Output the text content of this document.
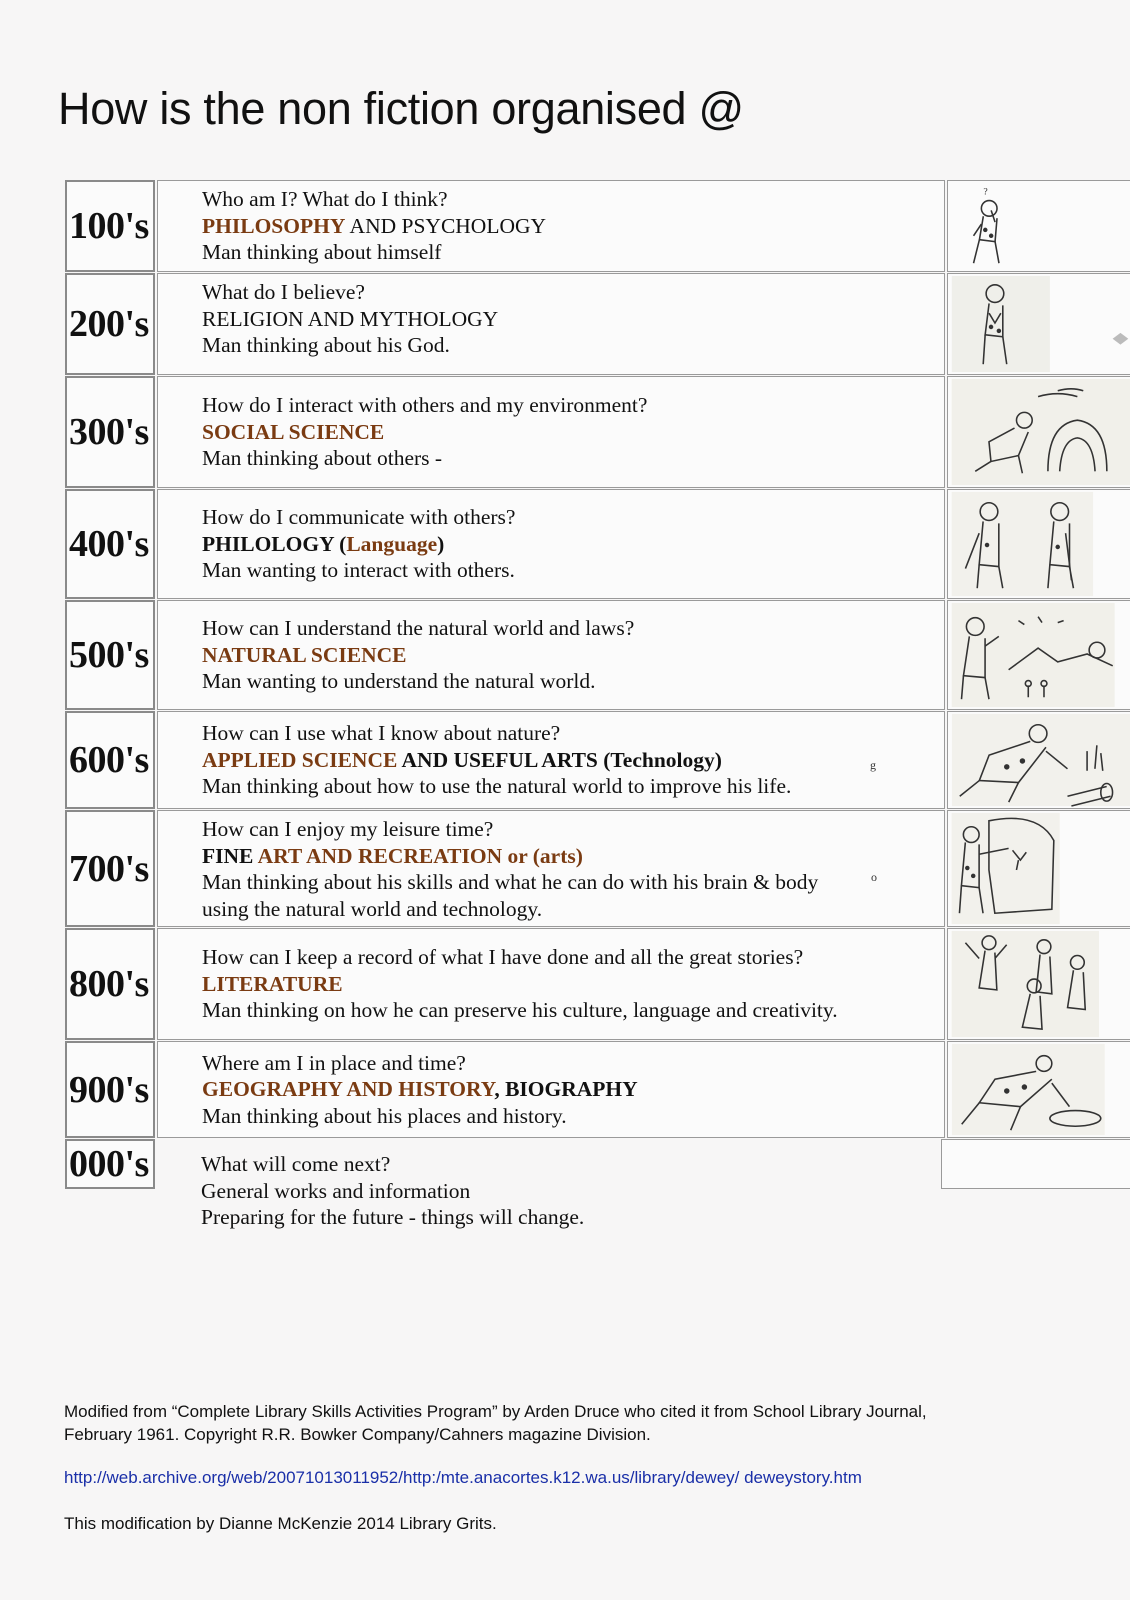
How is the non fiction organised @
100's
Who am I? What do I think?
PHILOSOPHY AND PSYCHOLOGY
Man thinking about himself
?
200's
What do I believe?
RELIGION AND MYTHOLOGY
Man thinking about his God.
300's
How do I interact with others and my environment?
SOCIAL SCIENCE
Man thinking about others -
400's
How do I communicate with others?
PHILOLOGY (Language)
Man wanting to interact with others.
500's
How can I understand the natural world and laws?
NATURAL SCIENCE
Man wanting to understand the natural world.
600's
How can I use what I know about nature?
APPLIED SCIENCE AND USEFUL ARTS (Technology)
Man thinking about how to use the natural world to improve his life.
700's
How can I enjoy my leisure time?
FINE ART AND RECREATION or (arts)
Man thinking about his skills and what he can do with his brain & body
using the natural world and technology.
800's
How can I keep a record of what I have done and all the great stories?
LITERATURE
Man thinking on how he can preserve his culture, language and creativity.
900's
Where am I in place and time?
GEOGRAPHY AND HISTORY, BIOGRAPHY
Man thinking about his places and history.
000's What will come next?
General works and information
Preparing for the future - things will change.
g
o
Modified from “Complete Library Skills Activities Program” by Arden Druce who cited it from School Library Journal,
February 1961. Copyright R.R. Bowker Company/Cahners magazine Division.
http://web.archive.org/web/20071013011952/http:/mte.anacortes.k12.wa.us/library/dewey/ deweystory.htm
This modification by Dianne McKenzie 2014 Library Grits.
